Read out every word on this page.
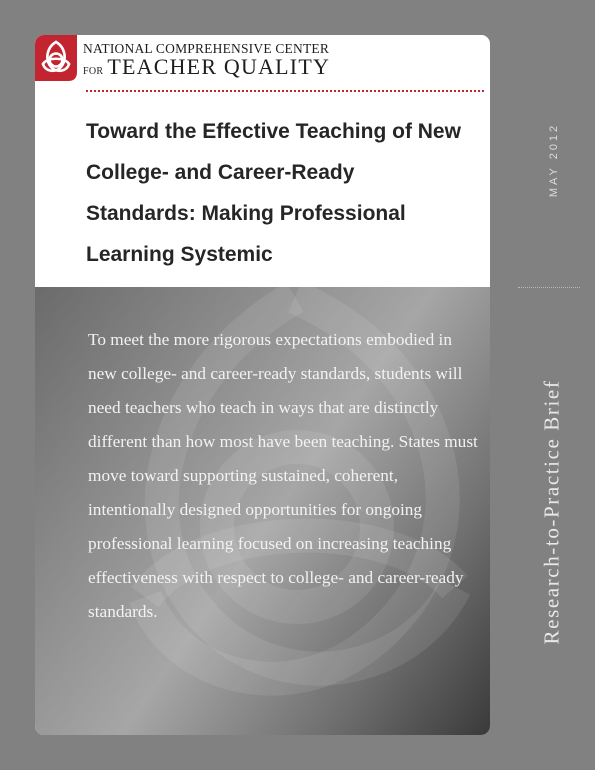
NATIONAL COMPREHENSIVE CENTER
FOR TEACHER QUALITY
Toward the Effective Teaching of New College- and Career-Ready Standards: Making Professional Learning Systemic
To meet the more rigorous expectations embodied in new college- and career-ready standards, students will need teachers who teach in ways that are distinctly different than how most have been teaching. States must move toward supporting sustained, coherent, intentionally designed opportunities for ongoing professional learning focused on increasing teaching effectiveness with respect to college- and career-ready standards.
MAY 2012
Research-to-Practice Brief
